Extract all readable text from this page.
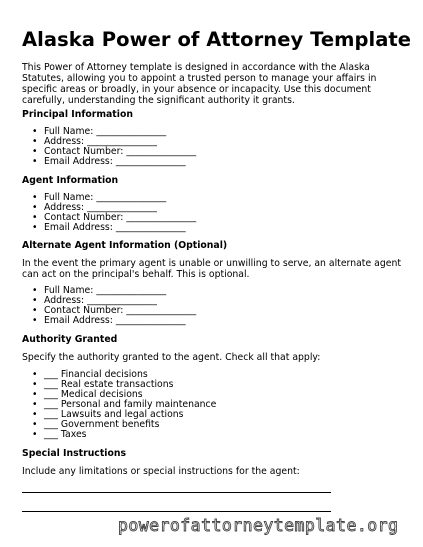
Alaska Power of Attorney Template

This Power of Attorney template is designed in accordance with the Alaska Statutes, allowing you to appoint a trusted person to manage your affairs in specific areas or broadly, in your absence or incapacity. Use this document carefully, understanding the significant authority it grants.

Principal Information
• Full Name: _______________
• Address: _______________
• Contact Number: _______________
• Email Address: _______________
Agent Information
• Full Name: _______________
• Address: _______________
• Contact Number: _______________
• Email Address: _______________
Alternate Agent Information (Optional)

In the event the primary agent is unable or unwilling to serve, an alternate agent can act on the principal's behalf. This is optional.

• Full Name: _______________
• Address: _______________
• Contact Number: _______________
• Email Address: _______________
Authority Granted

Specify the authority granted to the agent. Check all that apply:

• ___ Financial decisions
• ___ Real estate transactions
• ___ Medical decisions
• ___ Personal and family maintenance
• ___ Lawsuits and legal actions
• ___ Government benefits
• ___ Taxes
Special Instructions

Include any limitations or special instructions for the agent:

powerofattorneytemplate.org
